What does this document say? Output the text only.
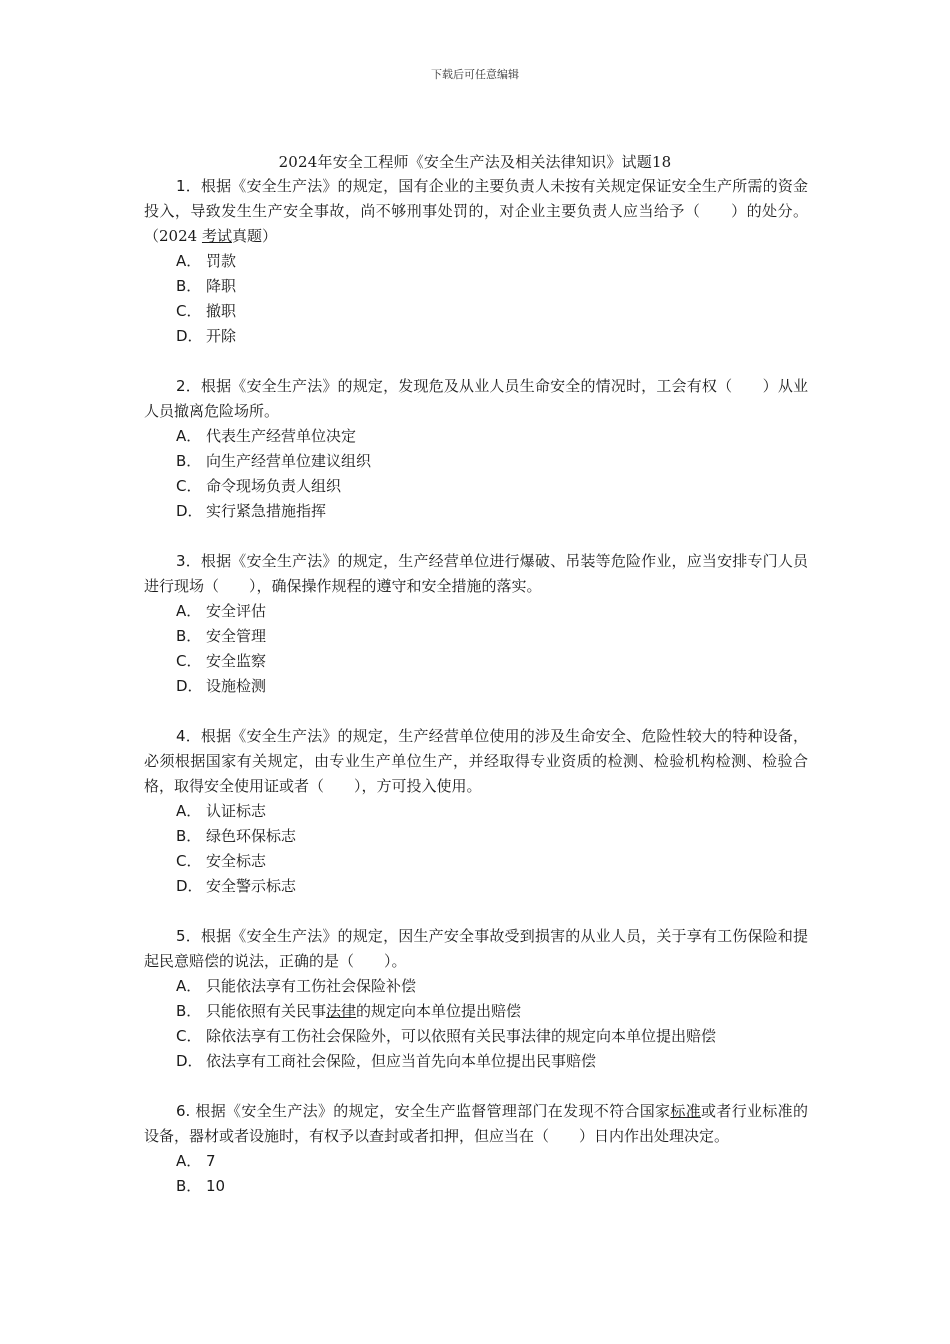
下载后可任意编辑
2024年安全工程师《安全生产法及相关法律知识》试题18

1．根据《安全生产法》的规定，国有企业的主要负责人未按有关规定保证安全生产所需的资金投入，导致发生生产安全事故，尚不够刑事处罚的，对企业主要负责人应当给予（　　）的处分。（2024 考试真题）

A． 罚款

B． 降职

C． 撤职

D． 开除

2．根据《安全生产法》的规定，发现危及从业人员生命安全的情况时，工会有权（　　）从业人员撤离危险场所。

A． 代表生产经营单位决定

B． 向生产经营单位建议组织

C． 命令现场负责人组织

D． 实行紧急措施指挥

3．根据《安全生产法》的规定，生产经营单位进行爆破、吊装等危险作业，应当安排专门人员进行现场（　　），确保操作规程的遵守和安全措施的落实。

A． 安全评估

B． 安全管理

C． 安全监察

D． 设施检测

4．根据《安全生产法》的规定，生产经营单位使用的涉及生命安全、危险性较大的特种设备，必须根据国家有关规定，由专业生产单位生产，并经取得专业资质的检测、检验机构检测、检验合格，取得安全使用证或者（　　），方可投入使用。

A． 认证标志

B． 绿色环保标志

C． 安全标志

D． 安全警示标志

5．根据《安全生产法》的规定，因生产安全事故受到损害的从业人员，关于享有工伤保险和提起民意赔偿的说法，正确的是（　　）。

A． 只能依法享有工伤社会保险补偿

B． 只能依照有关民事法律的规定向本单位提出赔偿

C． 除依法享有工伤社会保险外，可以依照有关民事法律的规定向本单位提出赔偿

D． 依法享有工商社会保险，但应当首先向本单位提出民事赔偿

6. 根据《安全生产法》的规定，安全生产监督管理部门在发现不符合国家标准或者行业标准的设备，器材或者设施时，有权予以查封或者扣押，但应当在（　　）日内作出处理决定。

A． 7

B． 10
